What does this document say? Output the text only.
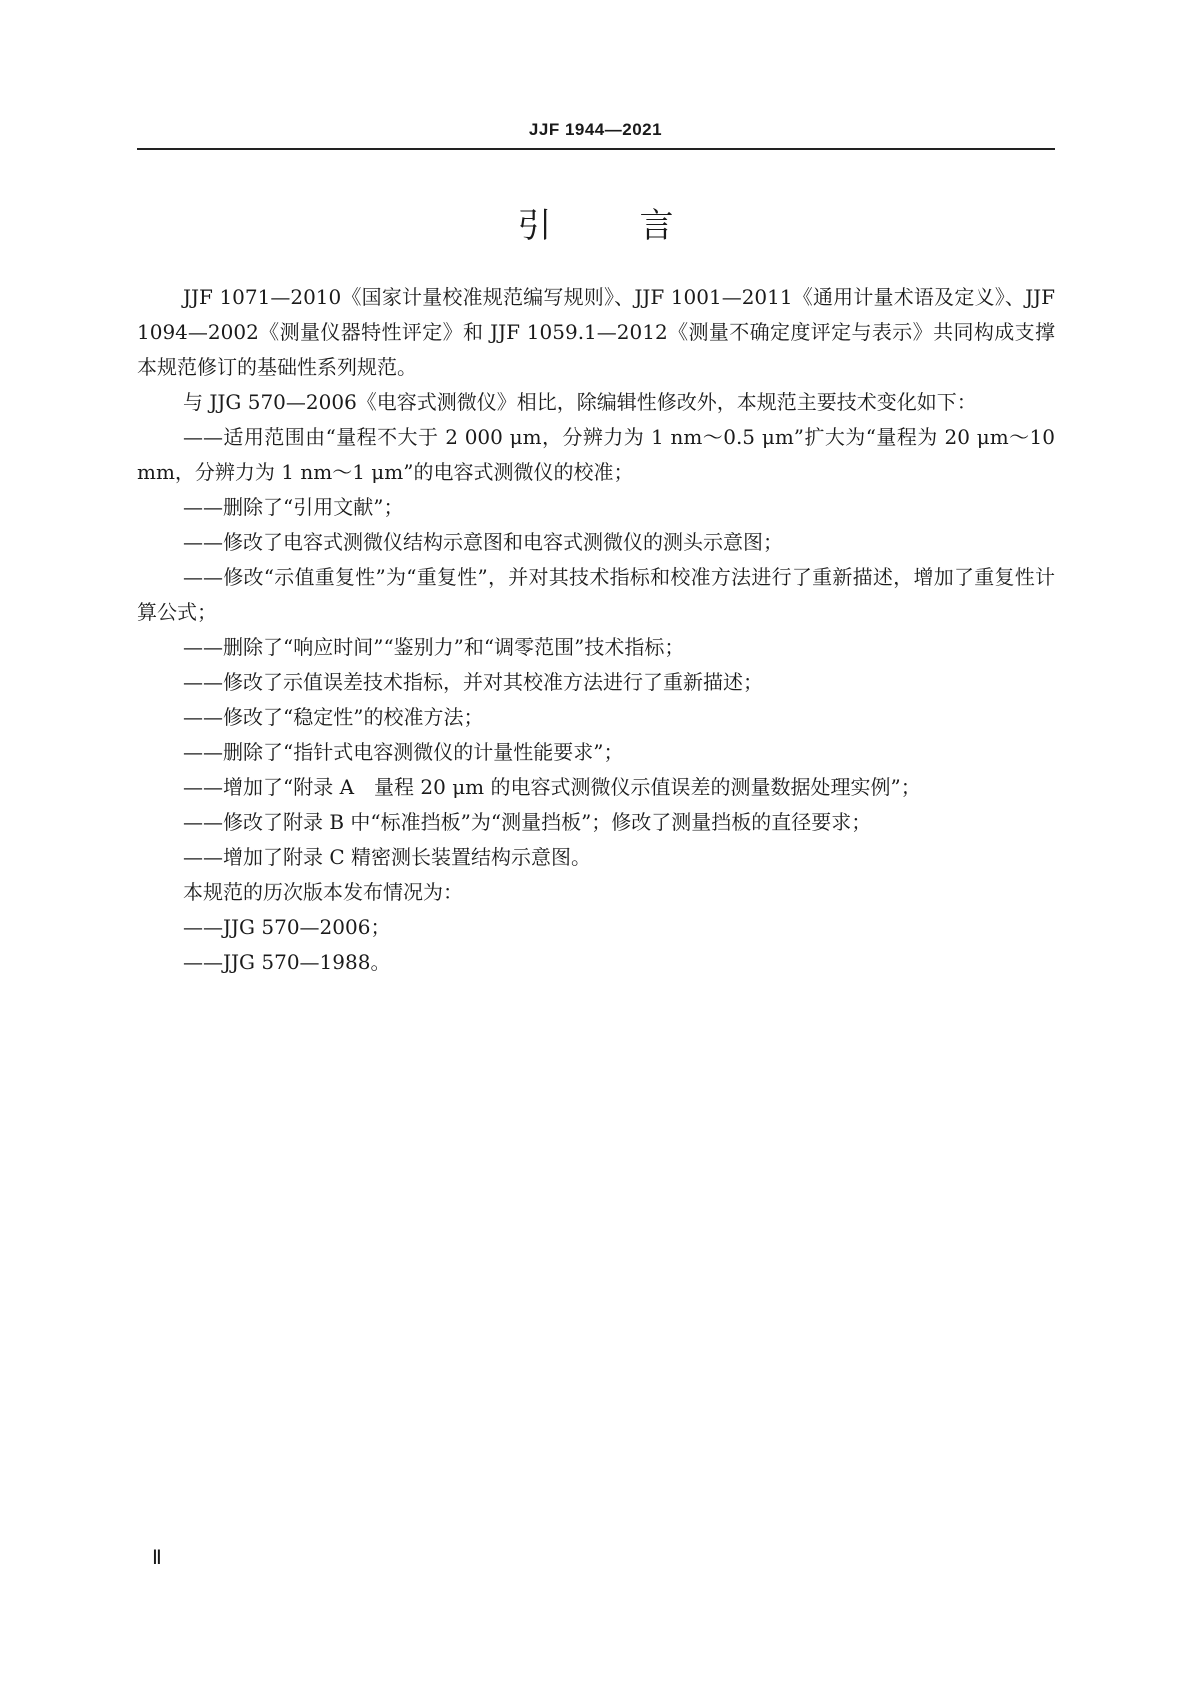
JJF 1944—2021
引言

JJF 1071—2010《国家计量校准规范编写规则》、JJF 1001—2011《通用计量术语及定义》、JJF 1094—2002《测量仪器特性评定》和 JJF 1059.1—2012《测量不确定度评定与表示》共同构成支撑本规范修订的基础性系列规范。

与 JJG 570—2006《电容式测微仪》相比，除编辑性修改外，本规范主要技术变化如下：

——适用范围由“量程不大于 2 000 μm，分辨力为 1 nm～0.5 μm”扩大为“量程为 20 μm～10 mm，分辨力为 1 nm～1 μm”的电容式测微仪的校准；

——删除了“引用文献”；

——修改了电容式测微仪结构示意图和电容式测微仪的测头示意图；

——修改“示值重复性”为“重复性”，并对其技术指标和校准方法进行了重新描述，增加了重复性计算公式；

——删除了“响应时间”“鉴别力”和“调零范围”技术指标；

——修改了示值误差技术指标，并对其校准方法进行了重新描述；

——修改了“稳定性”的校准方法；

——删除了“指针式电容测微仪的计量性能要求”；

——增加了“附录 A　量程 20 μm 的电容式测微仪示值误差的测量数据处理实例”；

——修改了附录 B 中“标准挡板”为“测量挡板”；修改了测量挡板的直径要求；

——增加了附录 C 精密测长装置结构示意图。

本规范的历次版本发布情况为：

——JJG 570—2006；

——JJG 570—1988。

Ⅱ
